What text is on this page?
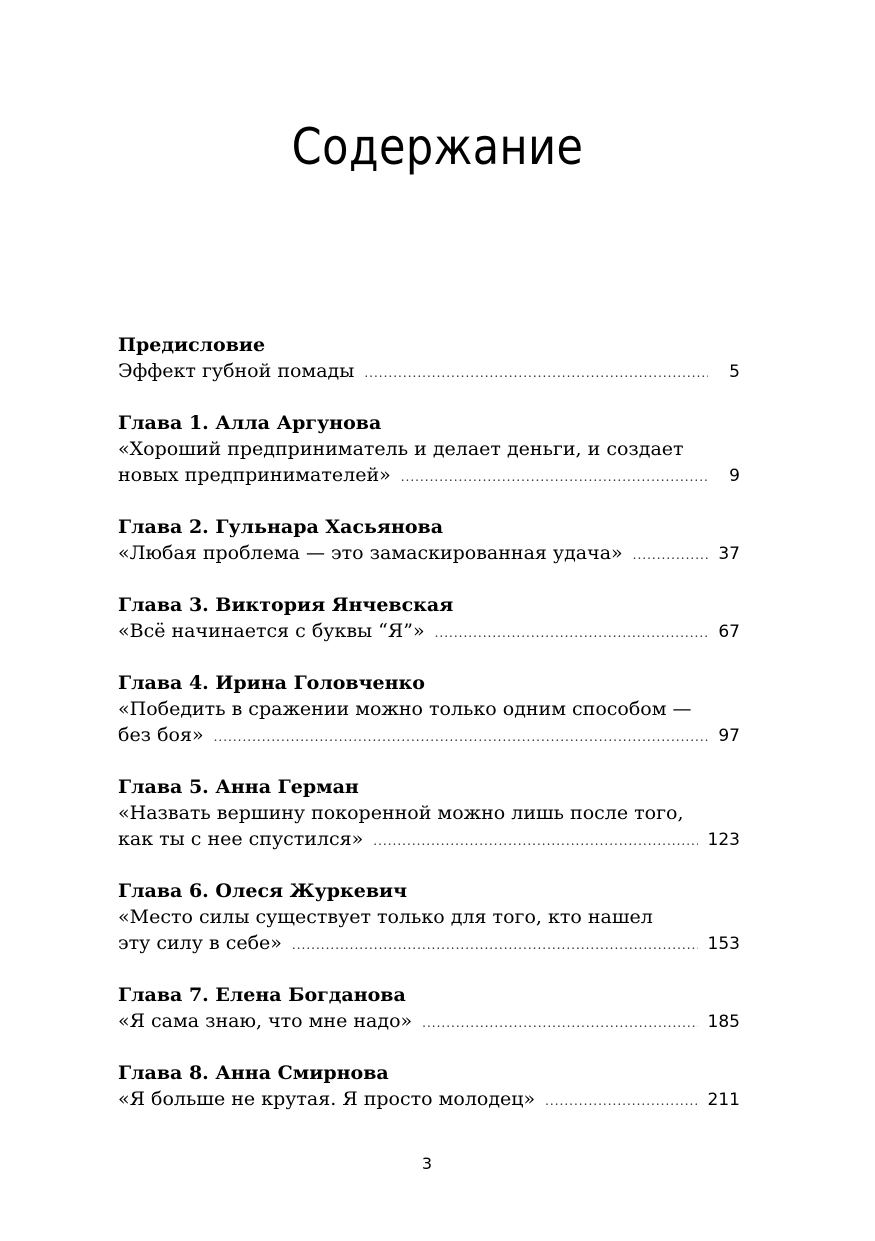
Содержание
Предисловие
Эффект губной помады .....	5
Глава 1. Алла Аргунова
«Хороший предприниматель и делает деньги, и создает
новых предпринимателей» .....	9
Глава 2. Гульнара Хасьянова
«Любая проблема — это замаскированная удача» .....	37
Глава 3. Виктория Янчевская
«Всё начинается с буквы “Я”» .....	67
Глава 4. Ирина Головченко
«Победить в сражении можно только одним способом —
без боя» .....	97
Глава 5. Анна Герман
«Назвать вершину покоренной можно лишь после того,
как ты с нее спустился» .....	123
Глава 6. Олеся Журкевич
«Место силы существует только для того, кто нашел
эту силу в себе» .....	153
Глава 7. Елена Богданова
«Я сама знаю, что мне надо» .....	185
Глава 8. Анна Смирнова
«Я больше не крутая. Я просто молодец» .....	211
3
